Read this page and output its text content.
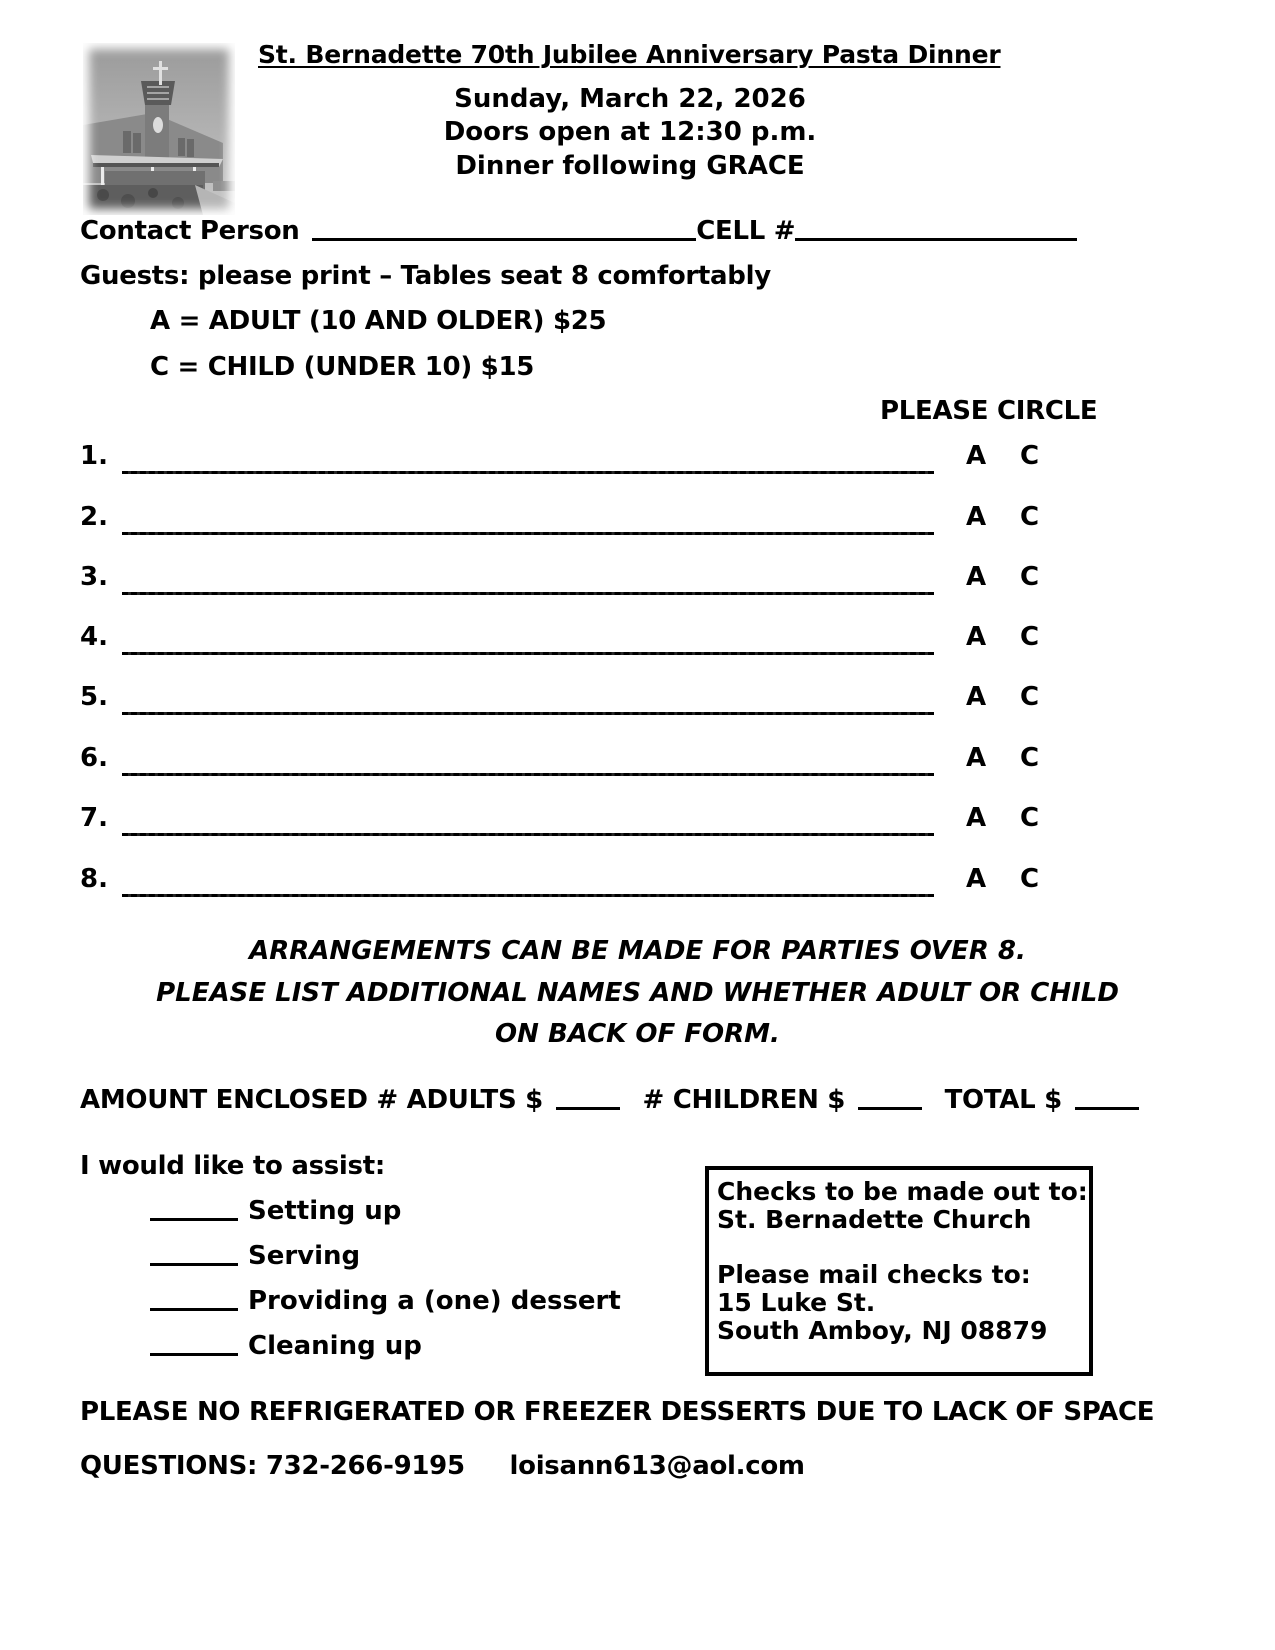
St. Bernadette 70th Jubilee Anniversary Pasta Dinner
Sunday, March 22, 2026
Doors open at 12:30 p.m.
Dinner following GRACE
Contact Person	CELL #
Guests: please print – Tables seat 8 comfortably
A = ADULT (10 AND OLDER) $25
C = CHILD (UNDER 10) $15
PLEASE CIRCLE
1.	A C
2.	A C
3.	A C
4.	A C
5.	A C
6.	A C
7.	A C
8.	A C
ARRANGEMENTS CAN BE MADE FOR PARTIES OVER 8.
PLEASE LIST ADDITIONAL NAMES AND WHETHER ADULT OR CHILD
ON BACK OF FORM.
AMOUNT ENCLOSED # ADULTS $	# CHILDREN $	TOTAL $
I would like to assist:
Setting up
Serving
Providing a (one) dessert
Cleaning up
Checks to be made out to:
St. Bernadette Church
Please mail checks to:
15 Luke St.
South Amboy, NJ 08879
PLEASE NO REFRIGERATED OR FREEZER DESSERTS DUE TO LACK OF SPACE
QUESTIONS: 732-266-9195 loisann613@aol.com
